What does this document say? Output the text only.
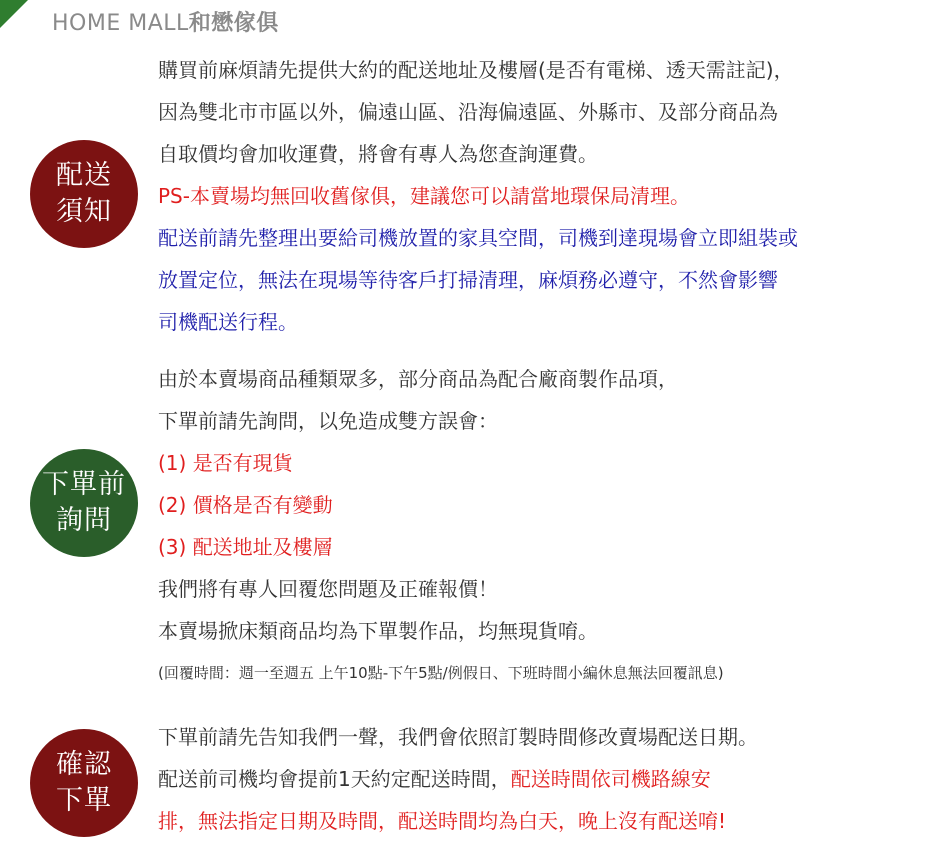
HOME MALL和懋傢俱
配送
須知
購買前麻煩請先提供大約的配送地址及樓層(是否有電梯、透天需註記)，
因為雙北市市區以外，偏遠山區、沿海偏遠區、外縣市、及部分商品為
自取價均會加收運費，將會有專人為您查詢運費。
PS-本賣場均無回收舊傢俱，建議您可以請當地環保局清理。
配送前請先整理出要給司機放置的家具空間，司機到達現場會立即組裝或
放置定位，無法在現場等待客戶打掃清理，麻煩務必遵守，不然會影響
司機配送行程。
下單前
詢問
由於本賣場商品種類眾多，部分商品為配合廠商製作品項，
下單前請先詢問，以免造成雙方誤會：
(1) 是否有現貨
(2) 價格是否有變動
(3) 配送地址及樓層
我們將有專人回覆您問題及正確報價！
本賣場掀床類商品均為下單製作品，均無現貨唷。
(回覆時間：週一至週五 上午10點-下午5點/例假日、下班時間小編休息無法回覆訊息)
確認
下單
下單前請先告知我們一聲，我們會依照訂製時間修改賣場配送日期。
配送前司機均會提前1天約定配送時間，配送時間依司機路線安
排，無法指定日期及時間，配送時間均為白天，晚上沒有配送唷!
